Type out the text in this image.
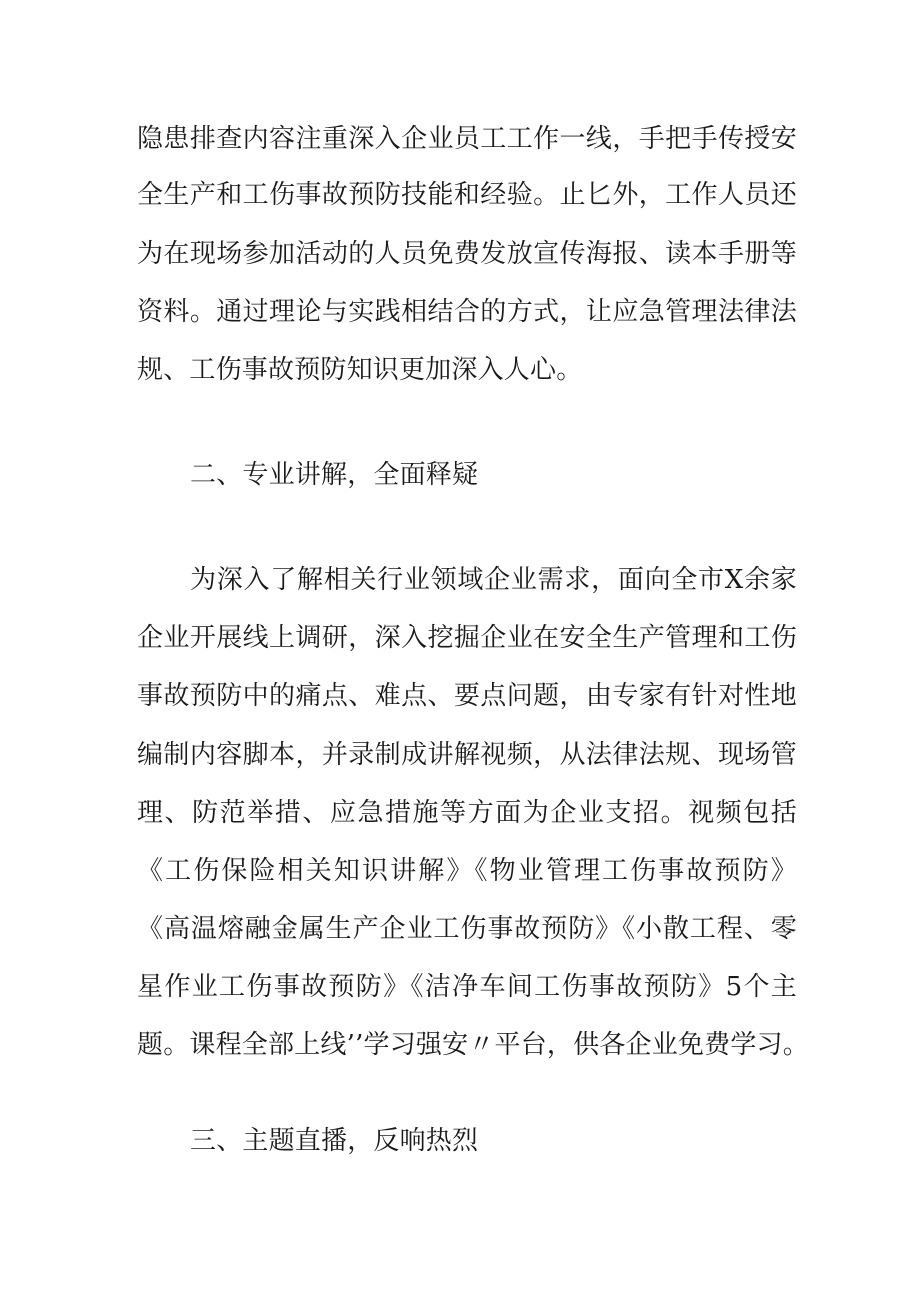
隐患排查内容注重深入企业员工工作一线，手把手传授安
全生产和工伤事故预防技能和经验。止匕外，工作人员还
为在现场参加活动的人员免费发放宣传海报、读本手册等
资料。通过理论与实践相结合的方式，让应急管理法律法
规、工伤事故预防知识更加深入人心。
二、专业讲解，全面释疑
为深入了解相关行业领域企业需求，面向全市X余家
企业开展线上调研，深入挖掘企业在安全生产管理和工伤
事故预防中的痛点、难点、要点问题，由专家有针对性地
编制内容脚本，并录制成讲解视频，从法律法规、现场管
理、防范举措、应急措施等方面为企业支招。视频包括
《工伤保险相关知识讲解》《物业管理工伤事故预防》
《高温熔融金属生产企业工伤事故预防》《小散工程、零
星作业工伤事故预防》《洁净车间工伤事故预防》5个主
题。课程全部上线’’学习强安〃平台，供各企业免费学习。
三、主题直播，反响热烈
